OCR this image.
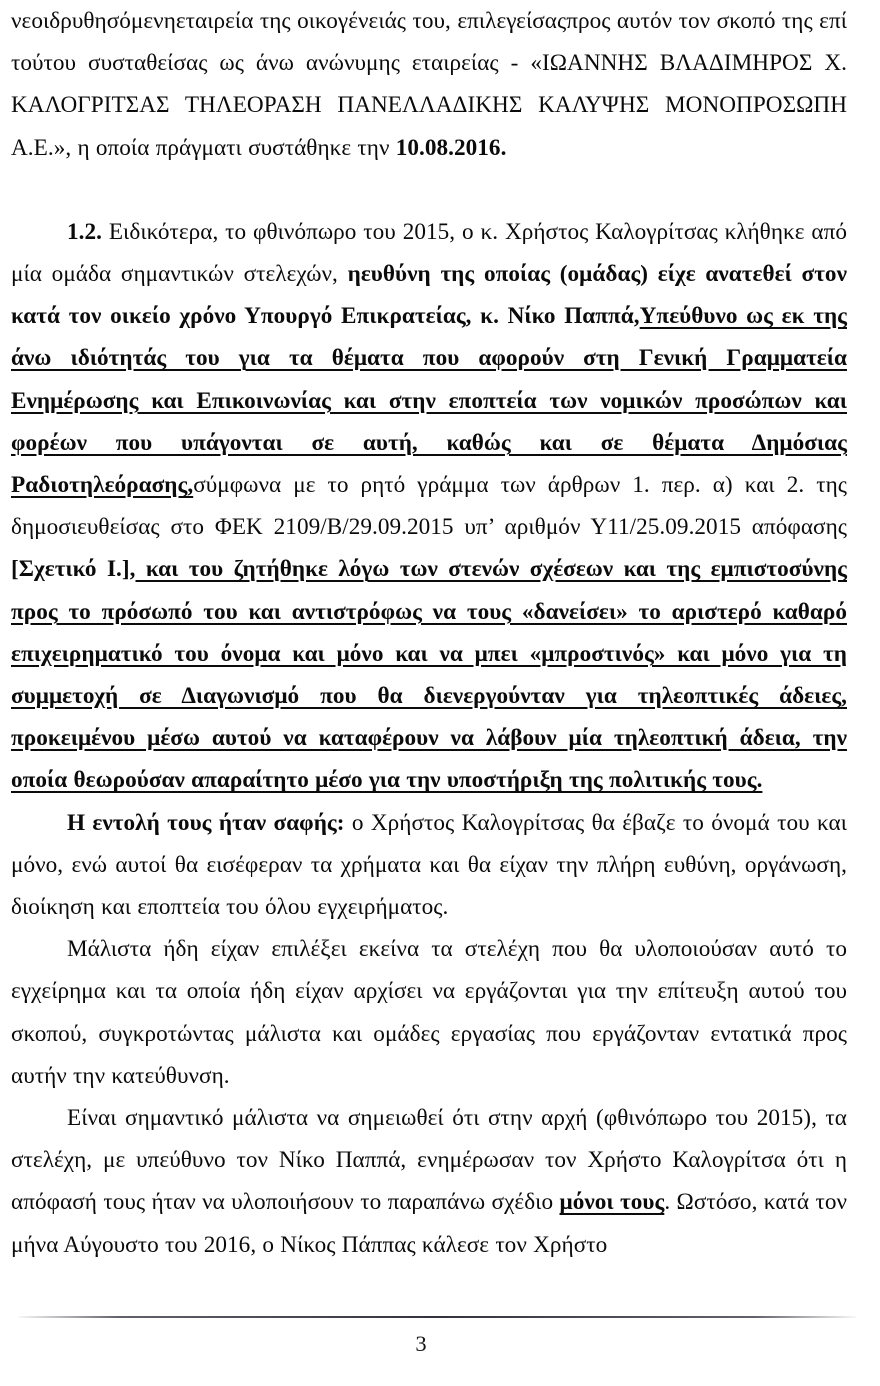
νεοιδρυθησόμενηεταιρεία της οικογένειάς του, επιλεγείσαςπρος αυτόν τον σκοπό της επί τούτου συσταθείσας ως άνω ανώνυμης εταιρείας - «ΙΩΑΝΝΗΣ ΒΛΑΔΙΜΗΡΟΣ Χ. ΚΑΛΟΓΡΙΤΣΑΣ ΤΗΛΕΟΡΑΣΗ ΠΑΝΕΛΛΑΔΙΚΗΣ ΚΑΛΥΨΗΣ ΜΟΝΟΠΡΟΣΩΠΗ Α.Ε.», η οποία πράγματι συστάθηκε την 10.08.2016.

1.2. Ειδικότερα, το φθινόπωρο του 2015, ο κ. Χρήστος Καλογρίτσας κλήθηκε από μία ομάδα σημαντικών στελεχών, ηευθύνη της οποίας (ομάδας) είχε ανατεθεί στον κατά τον οικείο χρόνο Υπουργό Επικρατείας, κ. Νίκο Παππά,Υπεύθυνο ως εκ της άνω ιδιότητάς του για τα θέματα που αφορούν στη Γενική Γραμματεία Ενημέρωσης και Επικοινωνίας και στην εποπτεία των νομικών προσώπων και φορέων που υπάγονται σε αυτή, καθώς και σε θέματα Δημόσιας Ραδιοτηλεόρασης,σύμφωνα με το ρητό γράμμα των άρθρων 1. περ. α) και 2. της δημοσιευθείσας στο ΦΕΚ 2109/Β/29.09.2015 υπ’ αριθμόν Υ11/25.09.2015 απόφασης [Σχετικό Ι.], και του ζητήθηκε λόγω των στενών σχέσεων και της εμπιστοσύνης προς το πρόσωπό του και αντιστρόφως να τους «δανείσει» το αριστερό καθαρό επιχειρηματικό του όνομα και μόνο και να μπει «μπροστινός» και μόνο για τη συμμετοχή σε Διαγωνισμό που θα διενεργούνταν για τηλεοπτικές άδειες, προκειμένου μέσω αυτού να καταφέρουν να λάβουν μία τηλεοπτική άδεια, την οποία θεωρούσαν απαραίτητο μέσο για την υποστήριξη της πολιτικής τους.

Η εντολή τους ήταν σαφής: ο Χρήστος Καλογρίτσας θα έβαζε το όνομά του και μόνο, ενώ αυτοί θα εισέφεραν τα χρήματα και θα είχαν την πλήρη ευθύνη, οργάνωση, διοίκηση και εποπτεία του όλου εγχειρήματος.

Μάλιστα ήδη είχαν επιλέξει εκείνα τα στελέχη που θα υλοποιούσαν αυτό το εγχείρημα και τα οποία ήδη είχαν αρχίσει να εργάζονται για την επίτευξη αυτού του σκοπού, συγκροτώντας μάλιστα και ομάδες εργασίας που εργάζονταν εντατικά προς αυτήν την κατεύθυνση.

Είναι σημαντικό μάλιστα να σημειωθεί ότι στην αρχή (φθινόπωρο του 2015), τα στελέχη, με υπεύθυνο τον Νίκο Παππά, ενημέρωσαν τον Χρήστο Καλογρίτσα ότι η απόφασή τους ήταν να υλοποιήσουν το παραπάνω σχέδιο μόνοι τους. Ωστόσο, κατά τον μήνα Αύγουστο του 2016, ο Νίκος Πάππας κάλεσε τον Χρήστο

3
